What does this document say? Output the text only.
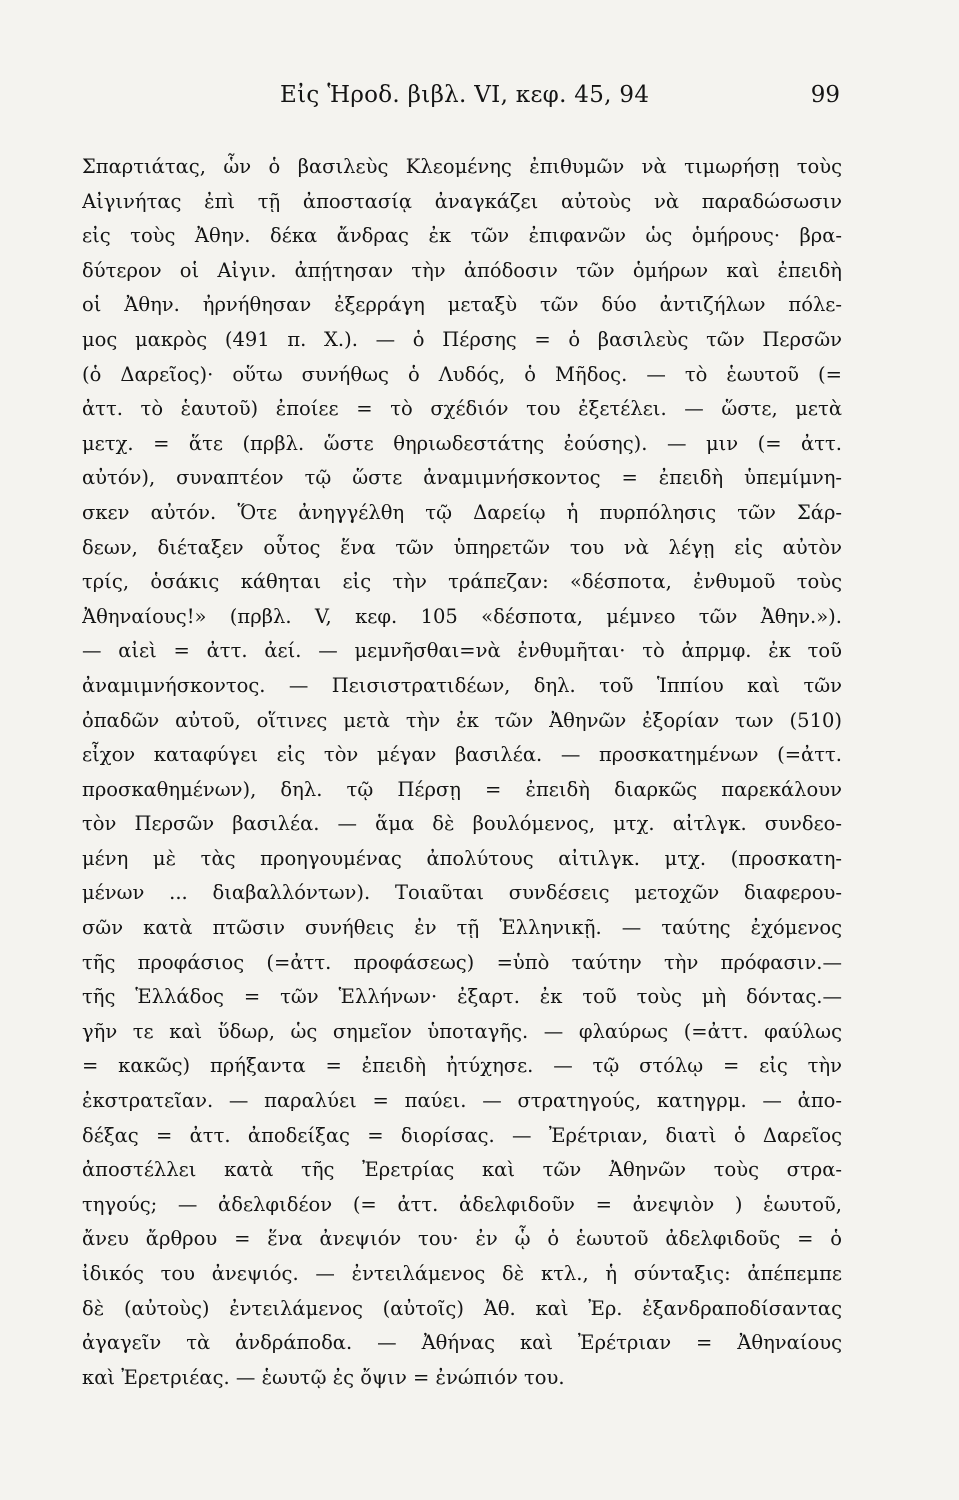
Εἰς Ἡροδ. βιβλ. VI, κεφ. 45, 94	99
Σπαρτιάτας, ὧν ὁ βασιλεὺς Κλεομένης ἐπιθυμῶν νὰ τιμωρήσῃ τοὺς
Αἰγινήτας ἐπὶ τῇ ἀποστασίᾳ ἀναγκάζει αὐτοὺς νὰ παραδώσωσιν
εἰς τοὺς Ἀθην. δέκα ἄνδρας ἐκ τῶν ἐπιφανῶν ὡς ὁμήρους· βρα-
δύτερον οἱ Αἰγιν. ἀπῄτησαν τὴν ἀπόδοσιν τῶν ὁμήρων καὶ ἐπειδὴ
οἱ Ἀθην. ἠρνήθησαν ἐξερράγη μεταξὺ τῶν δύο ἀντιζήλων πόλε-
μος μακρὸς (491 π. Χ.). — ὁ Πέρσης = ὁ βασιλεὺς τῶν Περσῶν
(ὁ Δαρεῖος)· οὕτω συνήθως ὁ Λυδός, ὁ Μῆδος. — τὸ ἑωυτοῦ (=
ἀττ. τὸ ἑαυτοῦ) ἐποίεε = τὸ σχέδιόν του ἐξετέλει. — ὥστε, μετὰ
μετχ. = ἅτε (πρβλ. ὥστε θηριωδεστάτης ἐούσης). — μιν (= ἀττ.
αὐτόν), συναπτέον τῷ ὥστε ἀναμιμνήσκοντος = ἐπειδὴ ὑπεμίμνη-
σκεν αὐτόν. Ὅτε ἀνηγγέλθη τῷ Δαρείῳ ἡ πυρπόλησις τῶν Σάρ-
δεων, διέταξεν οὗτος ἕνα τῶν ὑπηρετῶν του νὰ λέγῃ εἰς αὐτὸν
τρίς, ὁσάκις κάθηται εἰς τὴν τράπεζαν: «δέσποτα, ἐνθυμοῦ τοὺς
Ἀθηναίους!» (πρβλ. V, κεφ. 105 «δέσποτα, μέμνεο τῶν Ἀθην.»).
— αἰεὶ = ἀττ. ἀεί. — μεμνῆσθαι=νὰ ἐνθυμῆται· τὸ ἀπρμφ. ἐκ τοῦ
ἀναμιμνήσκοντος. — Πεισιστρατιδέων, δηλ. τοῦ Ἱππίου καὶ τῶν
ὀπαδῶν αὐτοῦ, οἵτινες μετὰ τὴν ἐκ τῶν Ἀθηνῶν ἐξορίαν των (510)
εἶχον καταφύγει εἰς τὸν μέγαν βασιλέα. — προσκατημένων (=ἀττ.
προσκαθημένων), δηλ. τῷ Πέρσῃ = ἐπειδὴ διαρκῶς παρεκάλουν
τὸν Περσῶν βασιλέα. — ἅμα δὲ βουλόμενος, μτχ. αἰτλγκ. συνδεο-
μένη μὲ τὰς προηγουμένας ἀπολύτους αἰτιλγκ. μτχ. (προσκατη-
μένων ... διαβαλλόντων). Τοιαῦται συνδέσεις μετοχῶν διαφερου-
σῶν κατὰ πτῶσιν συνήθεις ἐν τῇ Ἑλληνικῇ. — ταύτης ἐχόμενος
τῆς προφάσιος (=ἀττ. προφάσεως) =ὑπὸ ταύτην τὴν πρόφασιν.—
τῆς Ἑλλάδος = τῶν Ἑλλήνων· ἐξαρτ. ἐκ τοῦ τοὺς μὴ δόντας.—
γῆν τε καὶ ὕδωρ, ὡς σημεῖον ὑποταγῆς. — φλαύρως (=ἀττ. φαύλως
= κακῶς) πρήξαντα = ἐπειδὴ ἠτύχησε. — τῷ στόλῳ = εἰς τὴν
ἐκστρατεῖαν. — παραλύει = παύει. — στρατηγούς, κατηγρμ. — ἀπο-
δέξας = ἀττ. ἀποδείξας = διορίσας. — Ἐρέτριαν, διατὶ ὁ Δαρεῖος
ἀποστέλλει κατὰ τῆς Ἐρετρίας καὶ τῶν Ἀθηνῶν τοὺς στρα-
τηγούς; — ἀδελφιδέον (= ἀττ. ἀδελφιδοῦν = ἀνεψιὸν ) ἑωυτοῦ,
ἄνευ ἄρθρου = ἕνα ἀνεψιόν του· ἐν ᾧ ὁ ἑωυτοῦ ἀδελφιδοῦς = ὁ
ἰδικός του ἀνεψιός. — ἐντειλάμενος δὲ κτλ., ἡ σύνταξις: ἀπέπεμπε
δὲ (αὐτοὺς) ἐντειλάμενος (αὐτοῖς) Ἀθ. καὶ Ἐρ. ἐξανδραποδίσαντας
ἀγαγεῖν τὰ ἀνδράποδα. — Ἀθήνας καὶ Ἐρέτριαν = Ἀθηναίους
καὶ Ἐρετριέας. — ἑωυτῷ ἐς ὄψιν = ἐνώπιόν του.
